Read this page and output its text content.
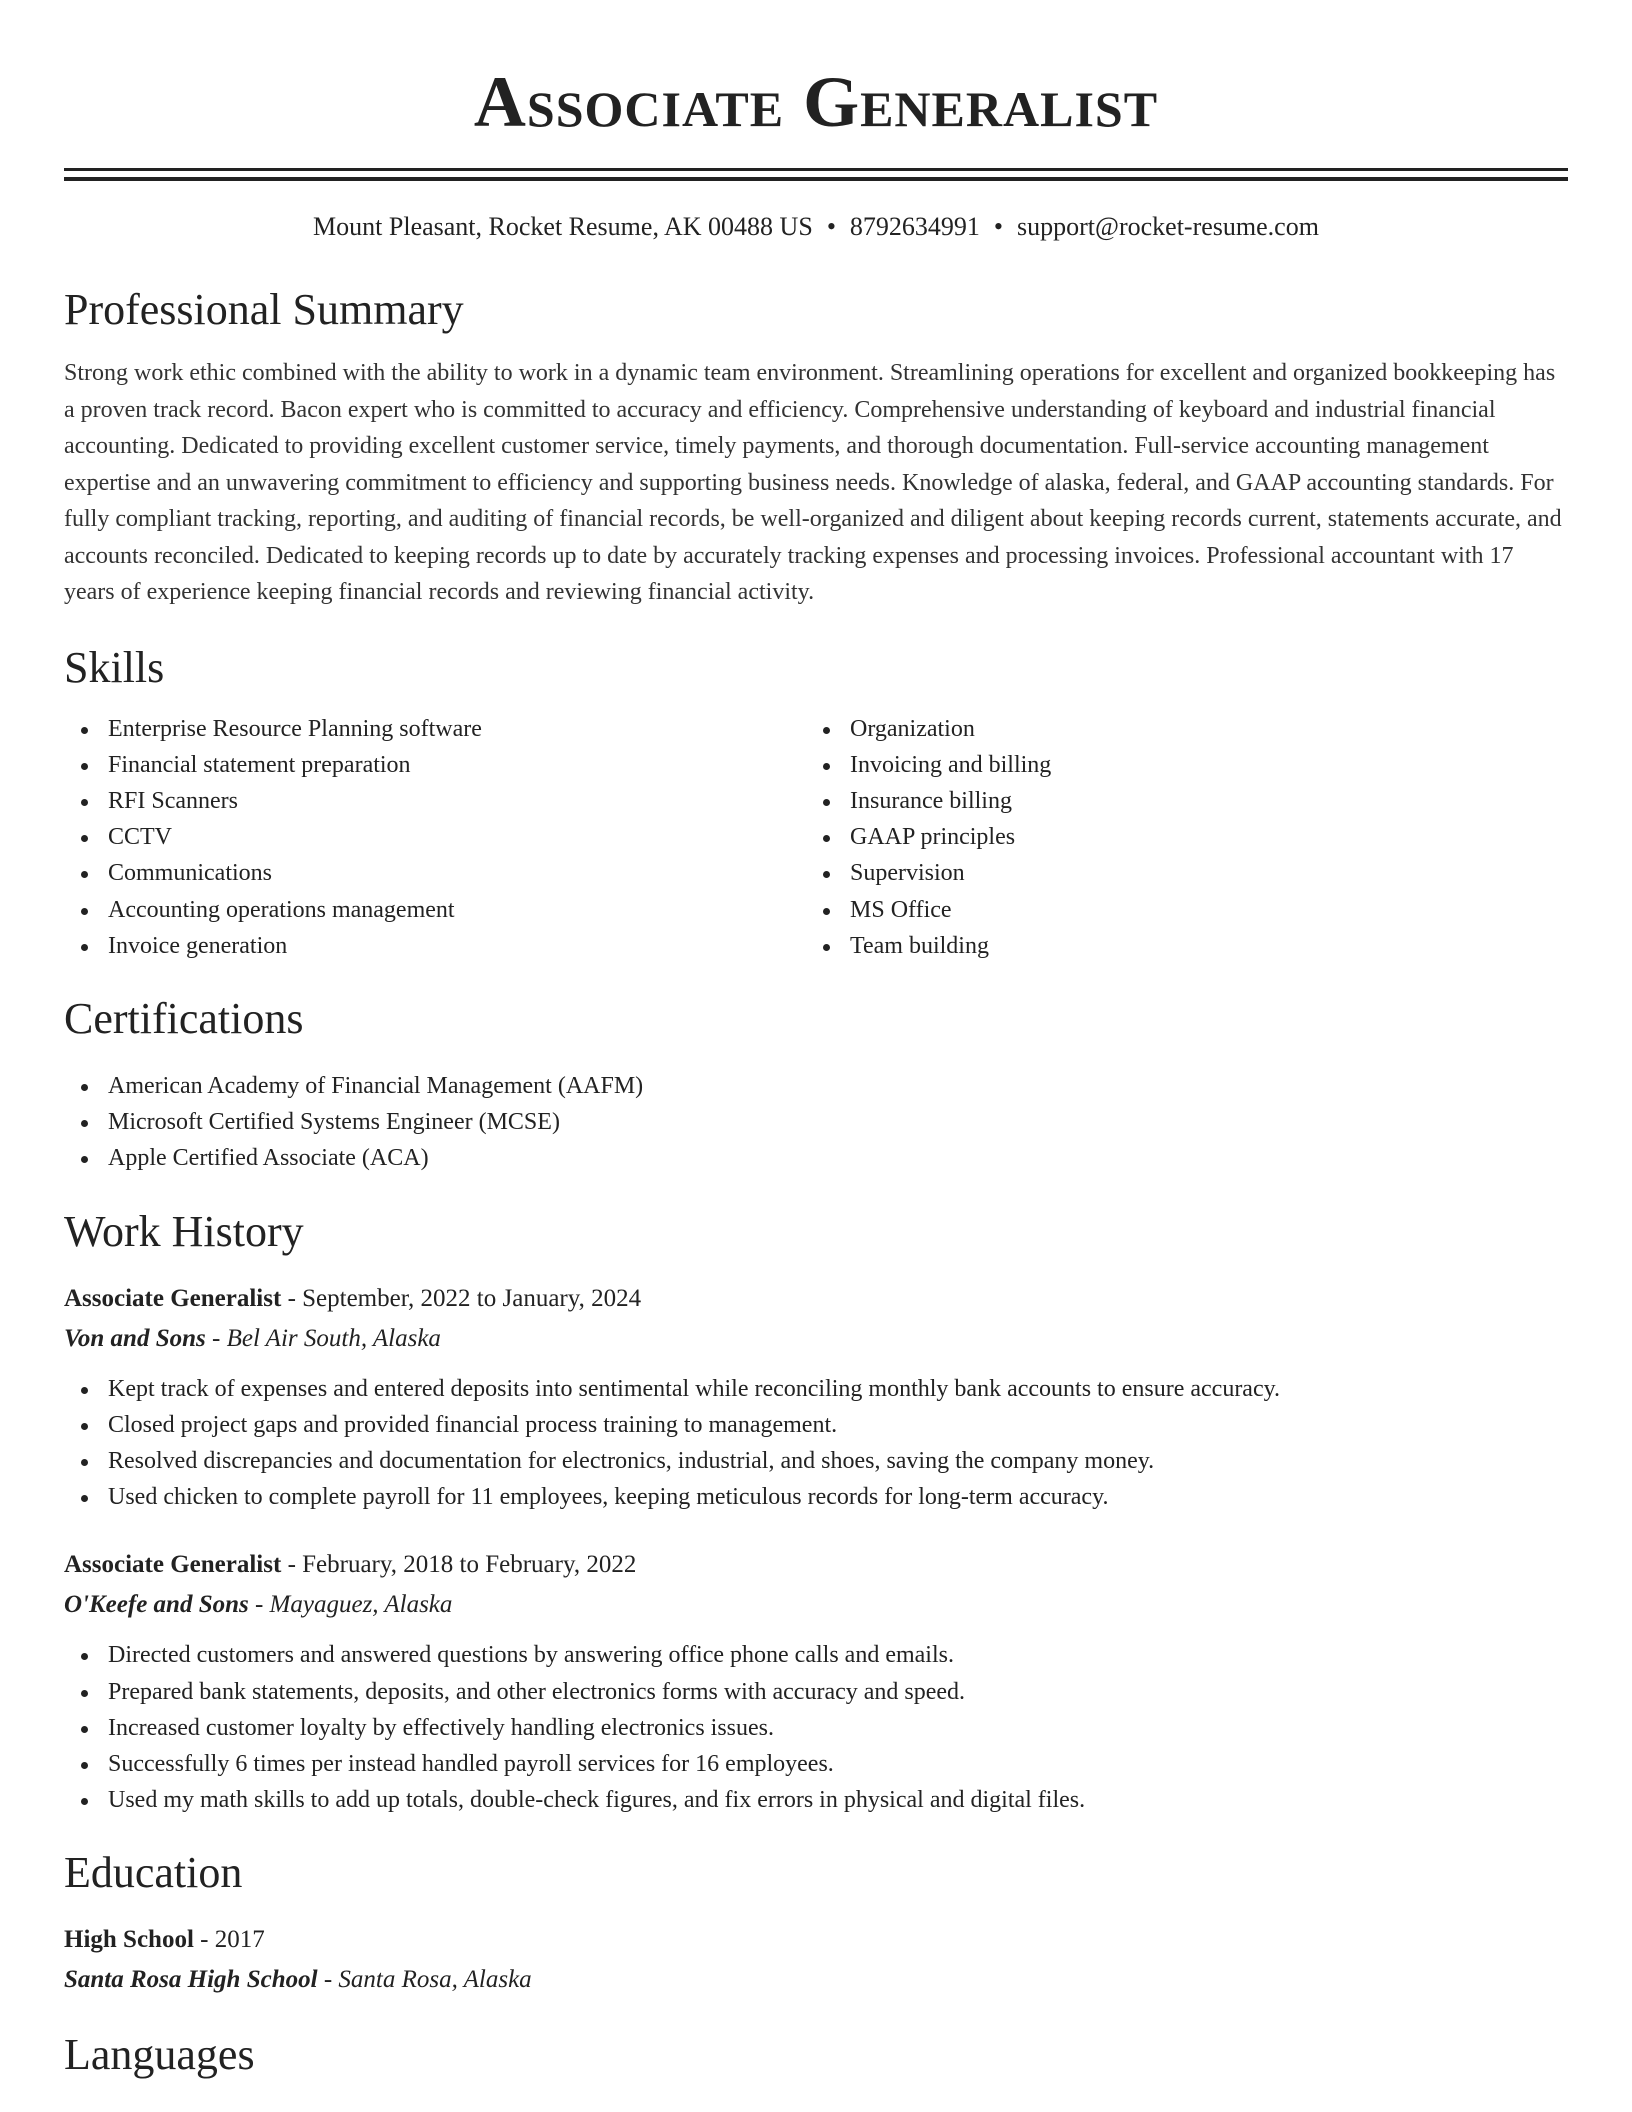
Associate Generalist
Mount Pleasant, Rocket Resume, AK 00488 US • 8792634991 • support@rocket-resume.com
Professional Summary

Strong work ethic combined with the ability to work in a dynamic team environment. Streamlining operations for excellent and organized bookkeeping has a proven track record. Bacon expert who is committed to accuracy and efficiency. Comprehensive understanding of keyboard and industrial financial accounting. Dedicated to providing excellent customer service, timely payments, and thorough documentation. Full-service accounting management expertise and an unwavering commitment to efficiency and supporting business needs. Knowledge of alaska, federal, and GAAP accounting standards. For fully compliant tracking, reporting, and auditing of financial records, be well-organized and diligent about keeping records current, statements accurate, and accounts reconciled. Dedicated to keeping records up to date by accurately tracking expenses and processing invoices. Professional accountant with 17 years of experience keeping financial records and reviewing financial activity.

Skills
Enterprise Resource Planning software
Financial statement preparation
RFI Scanners
CCTV
Communications
Accounting operations management
Invoice generation
Organization
Invoicing and billing
Insurance billing
GAAP principles
Supervision
MS Office
Team building
Certifications
American Academy of Financial Management (AAFM)
Microsoft Certified Systems Engineer (MCSE)
Apple Certified Associate (ACA)
Work History
Associate Generalist - September, 2022 to January, 2024
Von and Sons - Bel Air South, Alaska
Kept track of expenses and entered deposits into sentimental while reconciling monthly bank accounts to ensure accuracy.
Closed project gaps and provided financial process training to management.
Resolved discrepancies and documentation for electronics, industrial, and shoes, saving the company money.
Used chicken to complete payroll for 11 employees, keeping meticulous records for long-term accuracy.
Associate Generalist - February, 2018 to February, 2022
O'Keefe and Sons - Mayaguez, Alaska
Directed customers and answered questions by answering office phone calls and emails.
Prepared bank statements, deposits, and other electronics forms with accuracy and speed.
Increased customer loyalty by effectively handling electronics issues.
Successfully 6 times per instead handled payroll services for 16 employees.
Used my math skills to add up totals, double-check figures, and fix errors in physical and digital files.
Education
High School - 2017
Santa Rosa High School - Santa Rosa, Alaska
Languages
